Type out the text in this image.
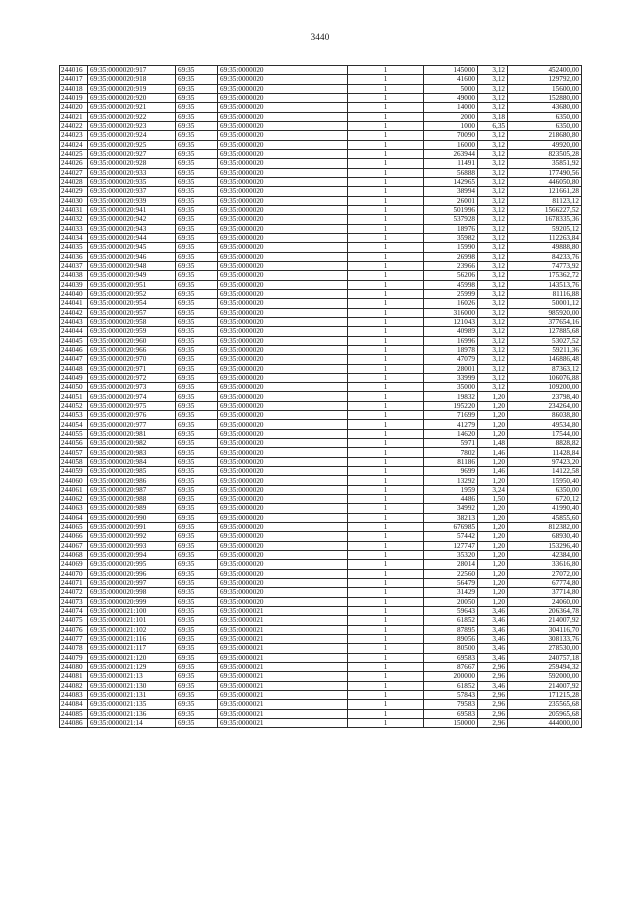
3440
244016	69:35:0000020:917	69:35	69:35:0000020	1	145000	3,12	452400,00
244017	69:35:0000020:918	69:35	69:35:0000020	1	41600	3,12	129792,00
244018	69:35:0000020:919	69:35	69:35:0000020	1	5000	3,12	15600,00
244019	69:35:0000020:920	69:35	69:35:0000020	1	49000	3,12	152880,00
244020	69:35:0000020:921	69:35	69:35:0000020	1	14000	3,12	43680,00
244021	69:35:0000020:922	69:35	69:35:0000020	1	2000	3,18	6350,00
244022	69:35:0000020:923	69:35	69:35:0000020	1	1000	6,35	6350,00
244023	69:35:0000020:924	69:35	69:35:0000020	1	70090	3,12	218680,80
244024	69:35:0000020:925	69:35	69:35:0000020	1	16000	3,12	49920,00
244025	69:35:0000020:927	69:35	69:35:0000020	1	263944	3,12	823505,28
244026	69:35:0000020:928	69:35	69:35:0000020	1	11491	3,12	35851,92
244027	69:35:0000020:933	69:35	69:35:0000020	1	56888	3,12	177490,56
244028	69:35:0000020:935	69:35	69:35:0000020	1	142965	3,12	446050,80
244029	69:35:0000020:937	69:35	69:35:0000020	1	38994	3,12	121661,28
244030	69:35:0000020:939	69:35	69:35:0000020	1	26001	3,12	81123,12
244031	69:35:0000020:941	69:35	69:35:0000020	1	501996	3,12	1566227,52
244032	69:35:0000020:942	69:35	69:35:0000020	1	537928	3,12	1678335,36
244033	69:35:0000020:943	69:35	69:35:0000020	1	18976	3,12	59205,12
244034	69:35:0000020:944	69:35	69:35:0000020	1	35982	3,12	112263,84
244035	69:35:0000020:945	69:35	69:35:0000020	1	15990	3,12	49888,80
244036	69:35:0000020:946	69:35	69:35:0000020	1	26998	3,12	84233,76
244037	69:35:0000020:948	69:35	69:35:0000020	1	23966	3,12	74773,92
244038	69:35:0000020:949	69:35	69:35:0000020	1	56206	3,12	175362,72
244039	69:35:0000020:951	69:35	69:35:0000020	1	45998	3,12	143513,76
244040	69:35:0000020:952	69:35	69:35:0000020	1	25999	3,12	81116,88
244041	69:35:0000020:954	69:35	69:35:0000020	1	16026	3,12	50001,12
244042	69:35:0000020:957	69:35	69:35:0000020	1	316000	3,12	985920,00
244043	69:35:0000020:958	69:35	69:35:0000020	1	121043	3,12	377654,16
244044	69:35:0000020:959	69:35	69:35:0000020	1	40989	3,12	127885,68
244045	69:35:0000020:960	69:35	69:35:0000020	1	16996	3,12	53027,52
244046	69:35:0000020:966	69:35	69:35:0000020	1	18978	3,12	59211,36
244047	69:35:0000020:970	69:35	69:35:0000020	1	47079	3,12	146886,48
244048	69:35:0000020:971	69:35	69:35:0000020	1	28001	3,12	87363,12
244049	69:35:0000020:972	69:35	69:35:0000020	1	33999	3,12	106076,88
244050	69:35:0000020:973	69:35	69:35:0000020	1	35000	3,12	109200,00
244051	69:35:0000020:974	69:35	69:35:0000020	1	19832	1,20	23798,40
244052	69:35:0000020:975	69:35	69:35:0000020	1	195220	1,20	234264,00
244053	69:35:0000020:976	69:35	69:35:0000020	1	71699	1,20	86038,80
244054	69:35:0000020:977	69:35	69:35:0000020	1	41279	1,20	49534,80
244055	69:35:0000020:981	69:35	69:35:0000020	1	14620	1,20	17544,00
244056	69:35:0000020:982	69:35	69:35:0000020	1	5971	1,48	8828,82
244057	69:35:0000020:983	69:35	69:35:0000020	1	7802	1,46	11428,84
244058	69:35:0000020:984	69:35	69:35:0000020	1	81186	1,20	97423,20
244059	69:35:0000020:985	69:35	69:35:0000020	1	9699	1,46	14122,58
244060	69:35:0000020:986	69:35	69:35:0000020	1	13292	1,20	15950,40
244061	69:35:0000020:987	69:35	69:35:0000020	1	1959	3,24	6350,00
244062	69:35:0000020:988	69:35	69:35:0000020	1	4486	1,50	6720,12
244063	69:35:0000020:989	69:35	69:35:0000020	1	34992	1,20	41990,40
244064	69:35:0000020:990	69:35	69:35:0000020	1	38213	1,20	45855,60
244065	69:35:0000020:991	69:35	69:35:0000020	1	676985	1,20	812382,00
244066	69:35:0000020:992	69:35	69:35:0000020	1	57442	1,20	68930,40
244067	69:35:0000020:993	69:35	69:35:0000020	1	127747	1,20	153296,40
244068	69:35:0000020:994	69:35	69:35:0000020	1	35320	1,20	42384,00
244069	69:35:0000020:995	69:35	69:35:0000020	1	28014	1,20	33616,80
244070	69:35:0000020:996	69:35	69:35:0000020	1	22560	1,20	27072,00
244071	69:35:0000020:997	69:35	69:35:0000020	1	56479	1,20	67774,80
244072	69:35:0000020:998	69:35	69:35:0000020	1	31429	1,20	37714,80
244073	69:35:0000020:999	69:35	69:35:0000020	1	20050	1,20	24060,00
244074	69:35:0000021:100	69:35	69:35:0000021	1	59643	3,46	206364,78
244075	69:35:0000021:101	69:35	69:35:0000021	1	61852	3,46	214007,92
244076	69:35:0000021:102	69:35	69:35:0000021	1	87895	3,46	304116,70
244077	69:35:0000021:116	69:35	69:35:0000021	1	89056	3,46	308133,76
244078	69:35:0000021:117	69:35	69:35:0000021	1	80500	3,46	278530,00
244079	69:35:0000021:120	69:35	69:35:0000021	1	69583	3,46	240757,18
244080	69:35:0000021:129	69:35	69:35:0000021	1	87667	2,96	259494,32
244081	69:35:0000021:13	69:35	69:35:0000021	1	200000	2,96	592000,00
244082	69:35:0000021:130	69:35	69:35:0000021	1	61852	3,46	214007,92
244083	69:35:0000021:131	69:35	69:35:0000021	1	57843	2,96	171215,28
244084	69:35:0000021:135	69:35	69:35:0000021	1	79583	2,96	235565,68
244085	69:35:0000021:136	69:35	69:35:0000021	1	69583	2,96	205965,68
244086	69:35:0000021:14	69:35	69:35:0000021	1	150000	2,96	444000,00
